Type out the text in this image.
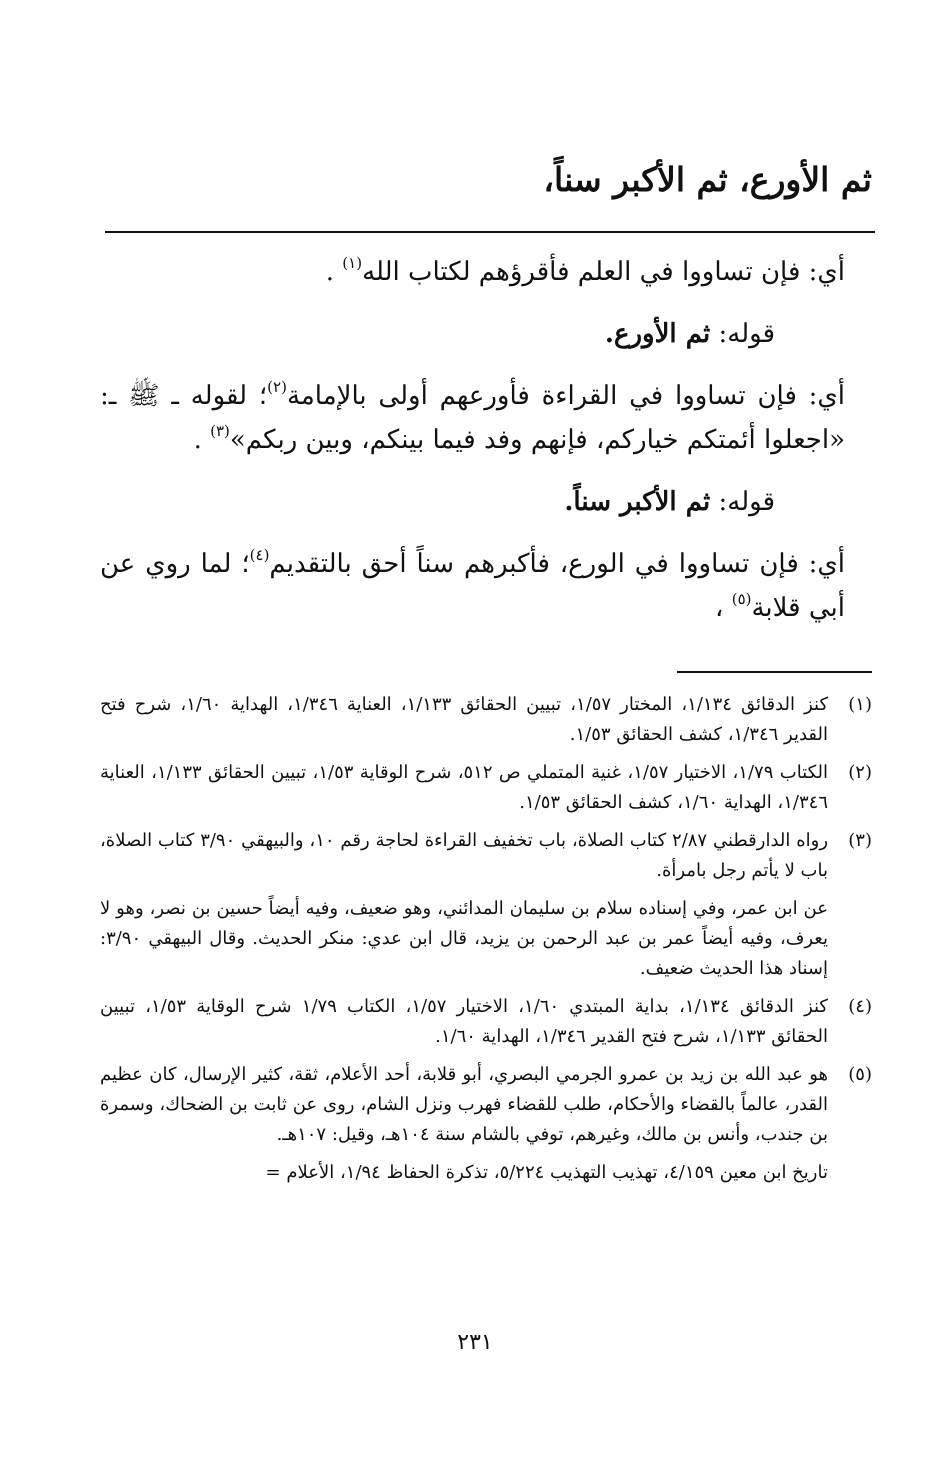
ثم الأورع، ثم الأكبر سناً،

أي: فإن تساووا في العلم فأقرؤهم لكتاب الله$^{(١)}$ .

قوله: ثم الأورع.

أي: فإن تساووا في القراءة فأورعهم أولى بالإمامة$^{(٢)}$؛ لقوله ـ ﷺ ـ: «اجعلوا أئمتكم خياركم، فإنهم وفد فيما بينكم، وبين ربكم»$^{(٣)}$ .

قوله: ثم الأكبر سناً.

أي: فإن تساووا في الورع، فأكبرهم سناً أحق بالتقديم$^{(٤)}$؛ لما روي عن أبي قلابة$^{(٥)}$ ،

(١)

كنز الدقائق ١/١٣٤، المختار ١/٥٧، تبيين الحقائق ١/١٣٣، العناية ١/٣٤٦، الهداية ١/٦٠، شرح فتح القدير ١/٣٤٦، كشف الحقائق ١/٥٣.

(٢)

الكتاب ١/٧٩، الاختيار ١/٥٧، غنية المتملي ص ٥١٢، شرح الوقاية ١/٥٣، تبيين الحقائق ١/١٣٣، العناية ١/٣٤٦، الهداية ١/٦٠، كشف الحقائق ١/٥٣.

(٣)

رواه الدارقطني ٢/٨٧ كتاب الصلاة، باب تخفيف القراءة لحاجة رقم ١٠، والبيهقي ٣/٩٠ كتاب الصلاة، باب لا يأتم رجل بامرأة.

عن ابن عمر، وفي إسناده سلام بن سليمان المدائني، وهو ضعيف، وفيه أيضاً حسين بن نصر، وهو لا يعرف، وفيه أيضاً عمر بن عبد الرحمن بن يزيد، قال ابن عدي: منكر الحديث. وقال البيهقي ٣/٩٠: إسناد هذا الحديث ضعيف.

(٤)

كنز الدقائق ١/١٣٤، بداية المبتدي ١/٦٠، الاختيار ١/٥٧، الكتاب ١/٧٩ شرح الوقاية ١/٥٣، تبيين الحقائق ١/١٣٣، شرح فتح القدير ١/٣٤٦، الهداية ١/٦٠.

(٥)

هو عبد الله بن زيد بن عمرو الجرمي البصري، أبو قلابة، أحد الأعلام، ثقة، كثير الإرسال، كان عظيم القدر، عالماً بالقضاء والأحكام، طلب للقضاء فهرب ونزل الشام، روى عن ثابت بن الضحاك، وسمرة بن جندب، وأنس بن مالك، وغيرهم، توفي بالشام سنة ١٠٤هـ، وقيل: ١٠٧هـ.

تاريخ ابن معين ٤/١٥٩، تهذيب التهذيب ٥/٢٢٤، تذكرة الحفاظ ١/٩٤، الأعلام =

٢٣١
